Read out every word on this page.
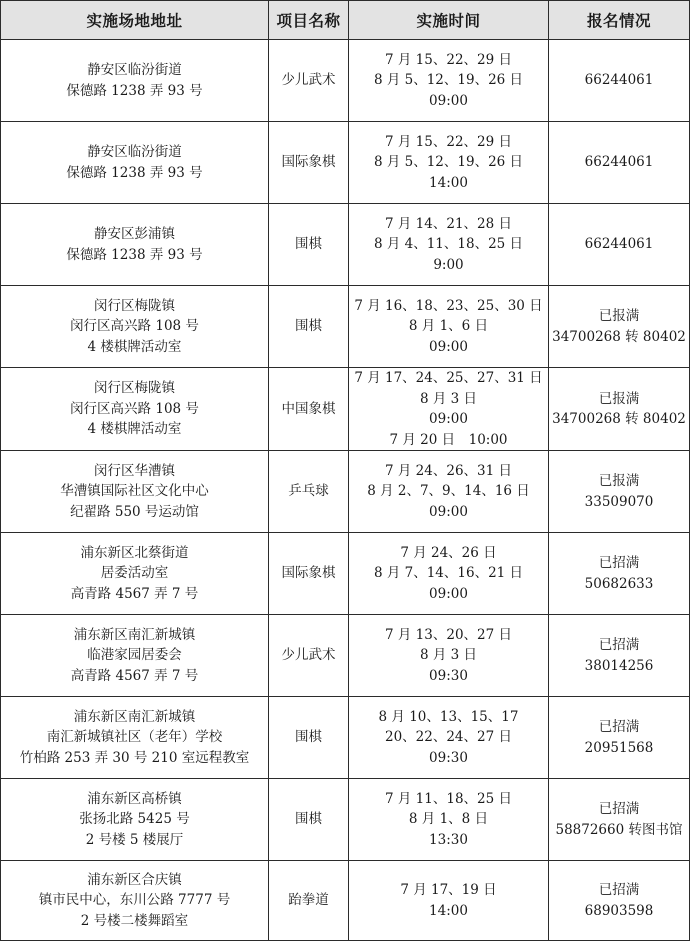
实施场地地址	项目名称	实施时间	报名情况

静安区临汾街道
保德路 1238 弄 93 号	少儿武术	7 月 15、22、29 日
8 月 5、12、19、26 日
09:00	66244061

静安区临汾街道
保德路 1238 弄 93 号	国际象棋	7 月 15、22、29 日
8 月 5、12、19、26 日
14:00	66244061

静安区彭浦镇
保德路 1238 弄 93 号	围棋	7 月 14、21、28 日
8 月 4、11、18、25 日
9:00	66244061

闵行区梅陇镇
闵行区高兴路 108 号
4 楼棋牌活动室	围棋	7 月 16、18、23、25、30 日
8 月 1、6 日
09:00	已报满
34700268 转 80402

闵行区梅陇镇
闵行区高兴路 108 号
4 楼棋牌活动室	中国象棋	7 月 17、24、25、27、31 日
8 月 3 日
09:00
7 月 20 日　10:00	已报满
34700268 转 80402

闵行区华漕镇
华漕镇国际社区文化中心
纪翟路 550 号运动馆	乒乓球	7 月 24、26、31 日
8 月 2、7、9、14、16 日
09:00	已报满
33509070

浦东新区北蔡街道
居委活动室
高青路 4567 弄 7 号	国际象棋	7 月 24、26 日
8 月 7、14、16、21 日
09:00	已招满
50682633

浦东新区南汇新城镇
临港家园居委会
高青路 4567 弄 7 号	少儿武术	7 月 13、20、27 日
8 月 3 日
09:30	已招满
38014256

浦东新区南汇新城镇
南汇新城镇社区（老年）学校
竹柏路 253 弄 30 号 210 室远程教室	围棋	8 月 10、13、15、17
20、22、24、27 日
09:30	已招满
20951568

浦东新区高桥镇
张扬北路 5425 号
2 号楼 5 楼展厅	围棋	7 月 11、18、25 日
8 月 1、8 日
13:30	已招满
58872660 转图书馆

浦东新区合庆镇
镇市民中心，东川公路 7777 号
2 号楼二楼舞蹈室	跆拳道	7 月 17、19 日
14:00	已招满
68903598
